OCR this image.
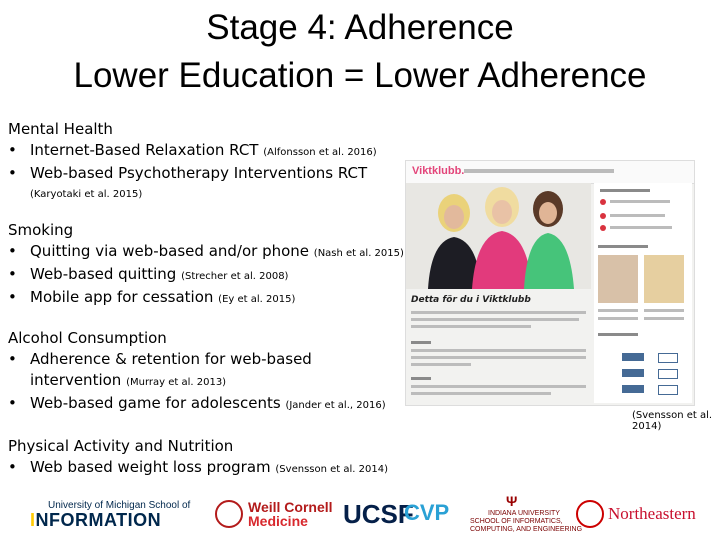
Stage 4: Adherence
Lower Education = Lower Adherence
Mental Health
• Internet-Based Relaxation RCT (Alfonsson et al. 2016)
• Web-based Psychotherapy Interventions RCT
(Karyotaki et al. 2015)
Smoking
• Quitting via web-based and/or phone (Nash et al. 2015)
• Web-based quitting (Strecher et al. 2008)
• Mobile app for cessation (Ey et al. 2015)
Alcohol Consumption
• Adherence & retention for web-based
intervention (Murray et al. 2013)
• Web-based game for adolescents (Jander et al., 2016)
Physical Activity and Nutrition
• Web based weight loss program (Svensson et al. 2014)
Viktklubb.
Detta för du i Viktklubb
(Svensson et al. 2014)
University of Michigan School of
INFORMATION
Weill Cornell
Medicine UCSF
CVP	Ψ
INDIANA UNIVERSITY
SCHOOL OF INFORMATICS,
COMPUTING, AND ENGINEERING
Northeastern
